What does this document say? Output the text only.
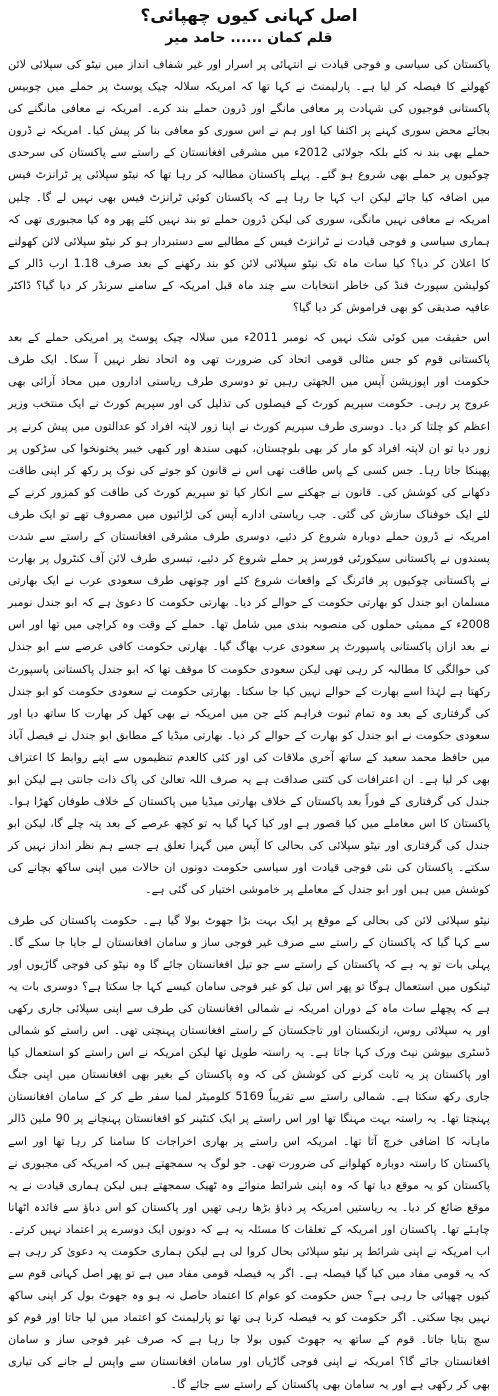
اصل کہانی کیوں چھپائی؟
قلم کمان ...... حامد میر

پاکستان کی سیاسی و فوجی قیادت نے انتہائی پر اسرار اور غیر شفاف انداز میں نیٹو کی سپلائی لائن کھولنے کا فیصلہ کر لیا ہے۔ پارلیمنٹ نے کہا تھا کہ امریکہ سلالہ چیک پوسٹ پر حملے میں چوبیس پاکستانی فوجیوں کی شہادت پر معافی مانگے اور ڈرون حملے بند کرے۔ امریکہ نے معافی مانگنے کی بجائے محض سوری کہنے پر اکتفا کیا اور ہم نے اس سوری کو معافی بنا کر پیش کیا۔ امریکہ نے ڈرون حملے بھی بند نہ کئے بلکہ جولائی 2012ء میں مشرقی افغانستان کے راستے سے پاکستان کی سرحدی چوکیوں پر حملے بھی شروع ہو گئے۔ پہلے پاکستان مطالبہ کر رہا تھا کہ نیٹو سپلائی پر ٹرانزٹ فیس میں اضافہ کیا جائے لیکن اب کہا جا رہا ہے کہ پاکستان کوئی ٹرانزٹ فیس بھی نہیں لے گا۔ چلیں امریکہ نے معافی نہیں مانگی، سوری کی لیکن ڈرون حملے تو بند نہیں کئے پھر وہ کیا مجبوری تھی کہ ہماری سیاسی و فوجی قیادت نے ٹرانزٹ فیس کے مطالبے سے دستبردار ہو کر نیٹو سپلائی لائن کھولنے کا اعلان کر دیا؟ کیا سات ماہ تک نیٹو سپلائی لائن کو بند رکھنے کے بعد صرف 1.18 ارب ڈالر کے کولیشن سپورٹ فنڈ کی خاطر انتخابات سے چند ماہ قبل امریکہ کے سامنے سرنڈر کر دیا گیا؟ ڈاکٹر عافیہ صدیقی کو بھی فراموش کر دیا گیا؟

اس حقیقت میں کوئی شک نہیں کہ نومبر 2011ء میں سلالہ چیک پوسٹ پر امریکی حملے کے بعد پاکستانی قوم کو جس مثالی قومی اتحاد کی ضرورت تھی وہ اتحاد نظر نہیں آ سکا۔ ایک طرف حکومت اور اپوزیشن آپس میں الجھتی رہیں تو دوسری طرف ریاستی اداروں میں محاذ آرائی بھی عروج پر رہی۔ حکومت سپریم کورٹ کے فیصلوں کی تذلیل کی اور سپریم کورٹ نے ایک منتخب وزیر اعظم کو چلتا کر دیا۔ دوسری طرف سپریم کورٹ نے اپنا زور لاپتہ افراد کو عدالتوں میں پیش کرنے پر زور دیا تو ان لاپتہ افراد کو مار کر بھی بلوچستان، کبھی سندھ اور کبھی خیبر پختونخوا کی سڑکوں پر پھینکا جاتا رہا۔ جس کسی کے پاس طاقت تھی اس نے قانون کو جوتے کی نوک پر رکھ کر اپنی طاقت دکھانے کی کوشش کی۔ قانون نے جھکنے سے انکار کیا تو سپریم کورٹ کی طاقت کو کمزور کرنے کے لئے ایک خوفناک سازش کی گئی۔ جب ریاستی ادارے آپس کی لڑائیوں میں مصروف تھے تو ایک طرف امریکہ نے ڈرون حملے دوبارہ شروع کر دئیے، دوسری طرف مشرقی افغانستان کے راستے سے شدت پسندوں نے پاکستانی سیکورٹی فورسز پر حملے شروع کر دئیے، تیسری طرف لائن آف کنٹرول پر بھارت نے پاکستانی چوکیوں پر فائرنگ کے واقعات شروع کئے اور چوتھی طرف سعودی عرب نے ایک بھارتی مسلمان ابو جندل کو بھارتی حکومت کے حوالے کر دیا۔ بھارتی حکومت کا دعویٰ ہے کہ ابو جندل نومبر 2008ء کے ممبئی حملوں کی منصوبہ بندی میں شامل تھا۔ حملے کے وقت وہ کراچی میں تھا اور اس نے بعد ازاں پاکستانی پاسپورٹ پر سعودی عرب بھاگ گیا۔ بھارتی حکومت کافی عرصے سے ابو جندل کی حوالگی کا مطالبہ کر رہی تھی لیکن سعودی حکومت کا موقف تھا کہ ابو جندل پاکستانی پاسپورٹ رکھتا ہے لہٰذا اسے بھارت کے حوالے نہیں کیا جا سکتا۔ بھارتی حکومت نے سعودی حکومت کو ابو جندل کی گرفتاری کے بعد وہ تمام ثبوت فراہم کئے جن میں امریکہ نے بھی کھل کر بھارت کا ساتھ دیا اور سعودی حکومت نے ابو جندل کو بھارت کے حوالے کر دیا۔ بھارتی میڈیا کے مطابق ابو جندل نے فیصل آباد میں حافظ محمد سعید کے ساتھ آخری ملاقات کی اور کئی کالعدم تنظیموں سے اپنے روابط کا اعتراف بھی کر لیا ہے۔ ان اعترافات کی کتنی صداقت ہے یہ صرف اللہ تعالیٰ کی پاک ذات جانتی ہے لیکن ابو جندل کی گرفتاری کے فوراً بعد پاکستان کے خلاف بھارتی میڈیا میں پاکستان کے خلاف طوفان کھڑا ہوا۔ پاکستان کا اس معاملے میں کیا قصور ہے اور کیا کہا گیا یہ تو کچھ عرصے کے بعد پتہ چلے گا، لیکن ابو جندل کی گرفتاری اور نیٹو سپلائی کی بحالی کا آپس میں گہرا تعلق ہے جسے ہم نظر انداز نہیں کر سکتے۔ پاکستان کی نئی فوجی قیادت اور سیاسی حکومت دونوں ان حالات میں اپنی ساکھ بچانے کی کوشش میں ہیں اور ابو جندل کے معاملے پر خاموشی اختیار کی گئی ہے۔

نیٹو سپلائی لائن کی بحالی کے موقع پر ایک بہت بڑا جھوٹ بولا گیا ہے۔ حکومت پاکستان کی طرف سے کہا گیا کہ پاکستان کے راستے سے صرف غیر فوجی ساز و سامان افغانستان لے جایا جا سکے گا۔ پہلی بات تو یہ ہے کہ پاکستان کے راستے سے جو تیل افغانستان جائے گا وہ نیٹو کی فوجی گاڑیوں اور ٹینکوں میں استعمال ہوگا تو پھر اس تیل کو غیر فوجی سامان کیسے کہا جا سکتا ہے؟ دوسری بات یہ ہے کہ پچھلے سات ماہ کے دوران امریکہ نے شمالی افغانستان کی طرف سے اپنی سپلائی جاری رکھی اور یہ سپلائی روس، ازبکستان اور تاجکستان کے راستے افغانستان پہنچتی تھی۔ اس راستے کو شمالی ڈسٹری بیوشن نیٹ ورک کہا جاتا ہے۔ یہ راستہ طویل تھا لیکن امریکہ نے اس راستے کو استعمال کیا اور پاکستان پر یہ ثابت کرنے کی کوشش کی کہ وہ پاکستان کے بغیر بھی افغانستان میں اپنی جنگ جاری رکھ سکتا ہے۔ شمالی راستے سے تقریباً 5169 کلومیٹر لمبا سفر طے کر کے سامان افغانستان پہنچتا تھا۔ یہ راستہ بہت مہنگا تھا اور اس راستے پر ایک کنٹینر کو افغانستان پہنچانے پر 90 ملین ڈالر ماہانہ کا اضافی خرچ آتا تھا۔ امریکہ اس راستے پر بھاری اخراجات کا سامنا کر رہا تھا اور اسے پاکستان کا راستہ دوبارہ کھلوانے کی ضرورت تھی۔ جو لوگ یہ سمجھتے ہیں کہ امریکہ کی مجبوری نے پاکستان کو یہ موقع دیا تھا کہ وہ اپنی شرائط منوائے وہ ٹھیک سمجھتے ہیں لیکن ہماری قیادت نے یہ موقع ضائع کر دیا۔ یہ ریاستیں امریکہ پر دباؤ بڑھا رہی تھیں اور پاکستان کو اس دباؤ سے فائدہ اٹھانا چاہئے تھا۔ پاکستان اور امریکہ کے تعلقات کا مسئلہ یہ ہے کہ دونوں ایک دوسرے پر اعتماد نہیں کرتے۔ اب امریکہ نے اپنی شرائط پر نیٹو سپلائی بحال کروا لی ہے لیکن ہماری حکومت یہ دعویٰ کر رہی ہے کہ یہ قومی مفاد میں کیا گیا فیصلہ ہے۔ اگر یہ فیصلہ قومی مفاد میں ہے تو پھر اصل کہانی قوم سے کیوں چھپائی جا رہی ہے؟ جس حکومت کو عوام کا اعتماد حاصل نہ ہو وہ جھوٹ بول کر اپنی ساکھ نہیں بچا سکتی۔ اگر حکومت کو یہ فیصلہ کرنا ہی تھا تو پارلیمنٹ کو اعتماد میں لیا جاتا اور قوم کو سچ بتایا جاتا۔ قوم کے ساتھ یہ جھوٹ کیوں بولا جا رہا ہے کہ صرف غیر فوجی ساز و سامان افغانستان جائے گا؟ امریکہ نے اپنی فوجی گاڑیاں اور سامان افغانستان سے واپس لے جانے کی تیاری بھی کر رکھی ہے اور یہ سامان بھی پاکستان کے راستے سے جائے گا۔
